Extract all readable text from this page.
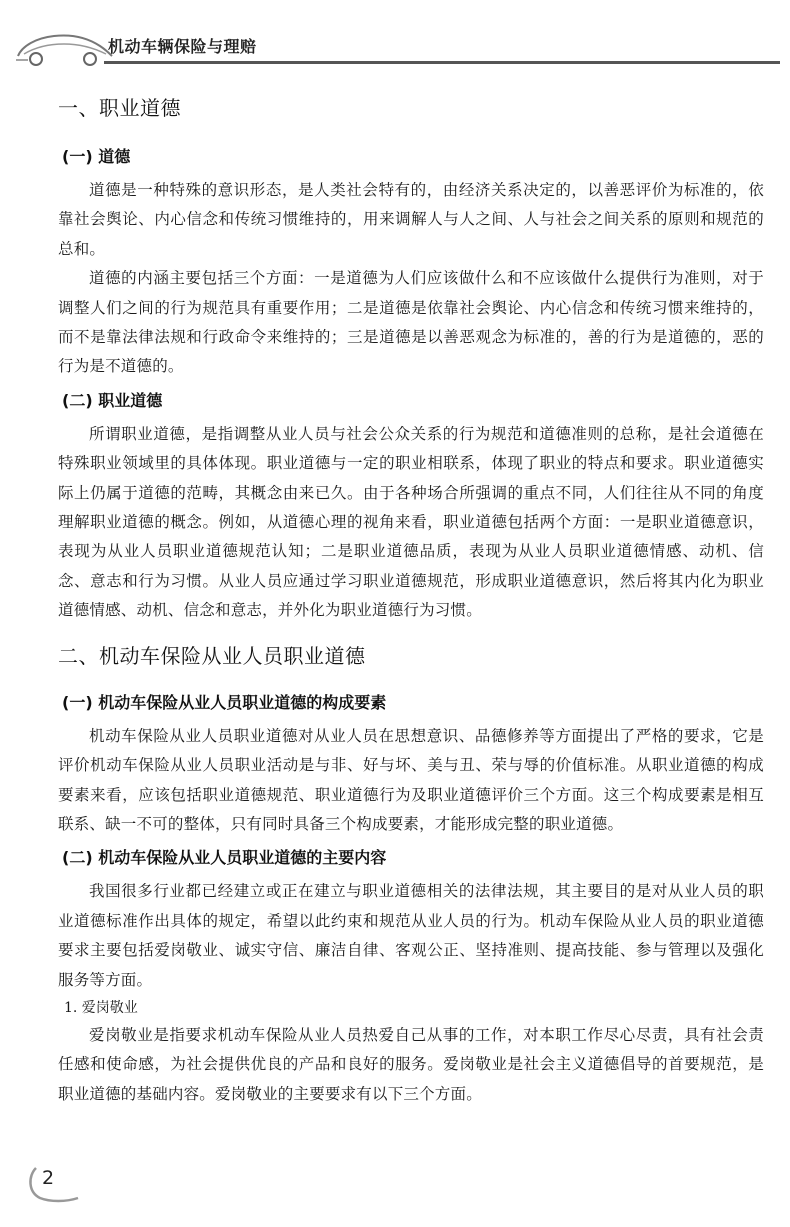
机动车辆保险与理赔
一、职业道德
(一) 道德

道德是一种特殊的意识形态，是人类社会特有的，由经济关系决定的，以善恶评价为标准的，依靠社会舆论、内心信念和传统习惯维持的，用来调解人与人之间、人与社会之间关系的原则和规范的总和。

道德的内涵主要包括三个方面：一是道德为人们应该做什么和不应该做什么提供行为准则，对于调整人们之间的行为规范具有重要作用；二是道德是依靠社会舆论、内心信念和传统习惯来维持的，而不是靠法律法规和行政命令来维持的；三是道德是以善恶观念为标准的，善的行为是道德的，恶的行为是不道德的。

(二) 职业道德

所谓职业道德，是指调整从业人员与社会公众关系的行为规范和道德准则的总称，是社会道德在特殊职业领域里的具体体现。职业道德与一定的职业相联系，体现了职业的特点和要求。职业道德实际上仍属于道德的范畴，其概念由来已久。由于各种场合所强调的重点不同，人们往往从不同的角度理解职业道德的概念。例如，从道德心理的视角来看，职业道德包括两个方面：一是职业道德意识，表现为从业人员职业道德规范认知；二是职业道德品质，表现为从业人员职业道德情感、动机、信念、意志和行为习惯。从业人员应通过学习职业道德规范，形成职业道德意识，然后将其内化为职业道德情感、动机、信念和意志，并外化为职业道德行为习惯。

二、机动车保险从业人员职业道德
(一) 机动车保险从业人员职业道德的构成要素

机动车保险从业人员职业道德对从业人员在思想意识、品德修养等方面提出了严格的要求，它是评价机动车保险从业人员职业活动是与非、好与坏、美与丑、荣与辱的价值标准。从职业道德的构成要素来看，应该包括职业道德规范、职业道德行为及职业道德评价三个方面。这三个构成要素是相互联系、缺一不可的整体，只有同时具备三个构成要素，才能形成完整的职业道德。

(二) 机动车保险从业人员职业道德的主要内容

我国很多行业都已经建立或正在建立与职业道德相关的法律法规，其主要目的是对从业人员的职业道德标准作出具体的规定，希望以此约束和规范从业人员的行为。机动车保险从业人员的职业道德要求主要包括爱岗敬业、诚实守信、廉洁自律、客观公正、坚持准则、提高技能、参与管理以及强化服务等方面。

1. 爱岗敬业

爱岗敬业是指要求机动车保险从业人员热爱自己从事的工作，对本职工作尽心尽责，具有社会责任感和使命感，为社会提供优良的产品和良好的服务。爱岗敬业是社会主义道德倡导的首要规范，是职业道德的基础内容。爱岗敬业的主要要求有以下三个方面。

2
